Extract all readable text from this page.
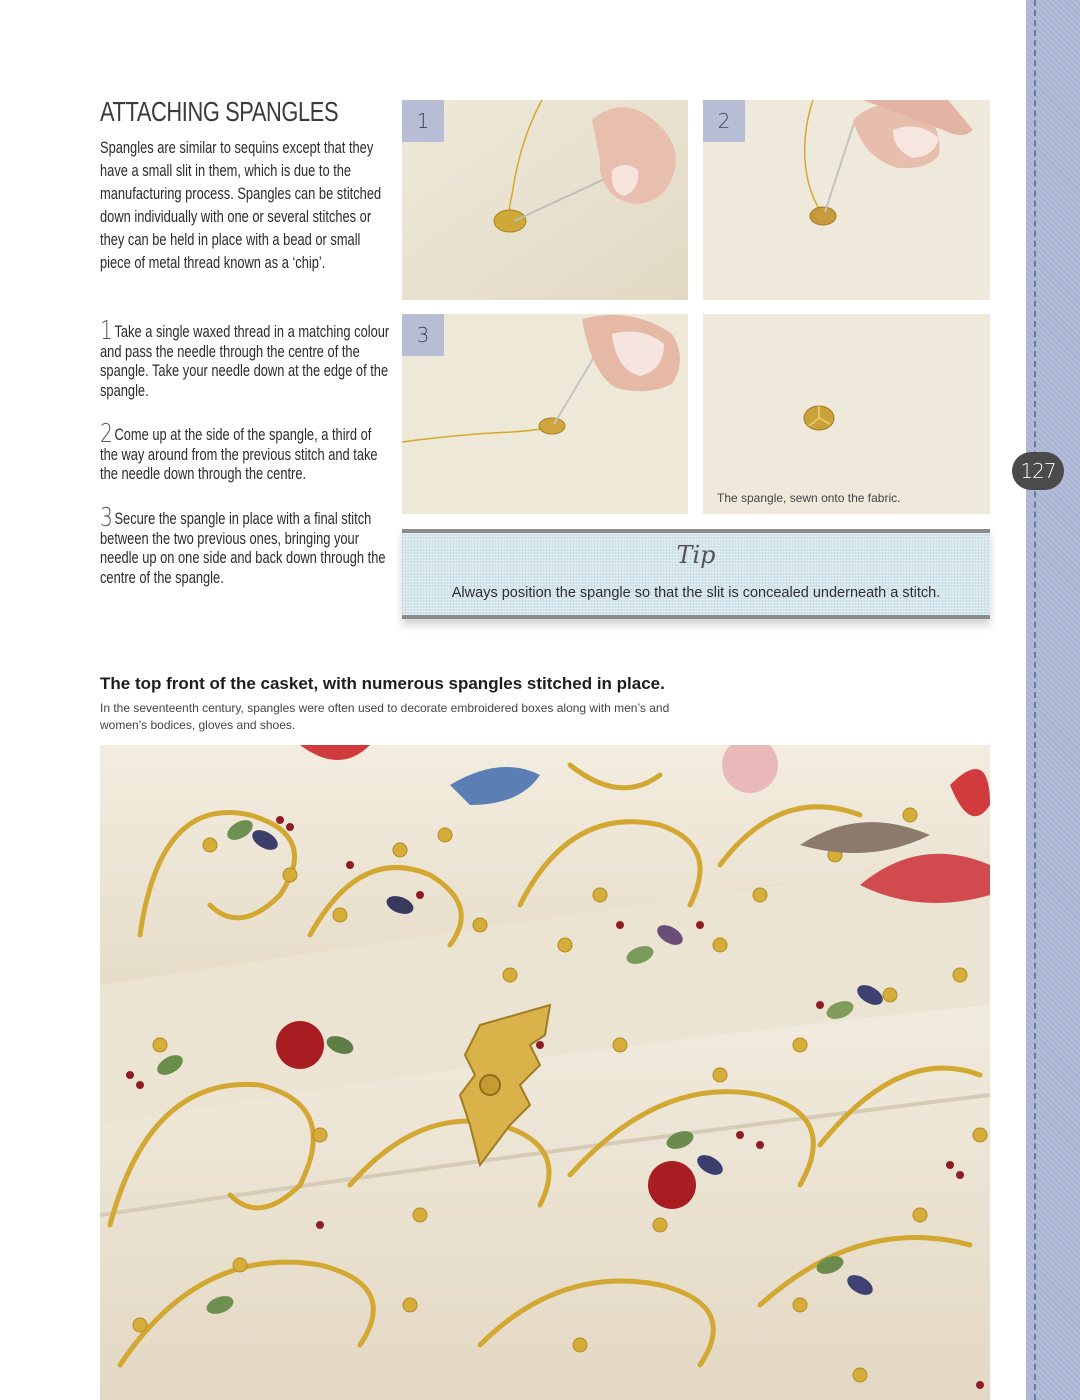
127
ATTACHING SPANGLES

Spangles are similar to sequins except that they have a small slit in them, which is due to the manufacturing process. Spangles can be stitched down individually with one or several stitches or they can be held in place with a bead or small piece of metal thread known as a ‘chip’.

1Take a single waxed thread in a matching colour and pass the needle through the centre of the spangle. Take your needle down at the edge of the spangle.

2Come up at the side of the spangle, a third of the way around from the previous stitch and take the needle down through the centre.

3Secure the spangle in place with a final stitch between the two previous ones, bringing your needle up on one side and back down through the centre of the spangle.

1	2
3
The spangle, sewn onto the fabric.
Tip
Always position the spangle so that the slit is concealed underneath a stitch.

The top front of the casket, with numerous spangles stitched in place.

In the seventeenth century, spangles were often used to decorate embroidered boxes along with men’s and women’s bodices, gloves and shoes.
